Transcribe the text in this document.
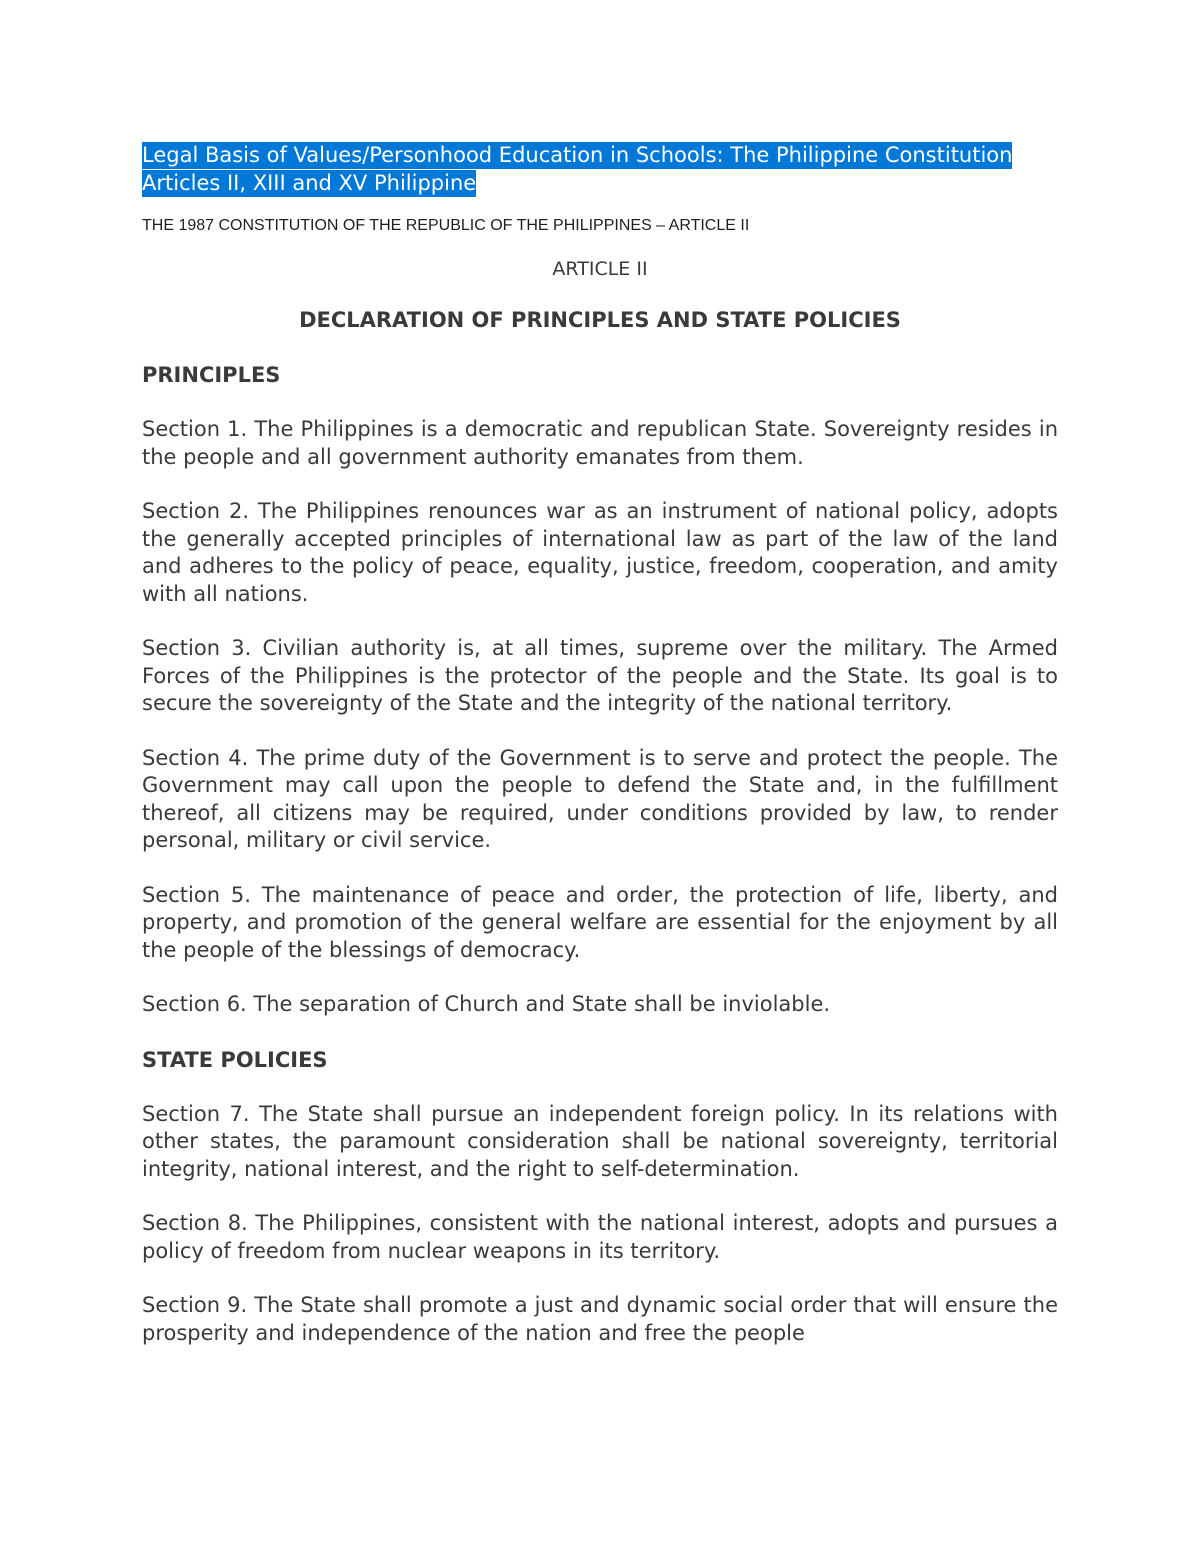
Legal Basis of Values/Personhood Education in Schools: The Philippine Constitution Articles II, XIII and XV Philippine

THE 1987 CONSTITUTION OF THE REPUBLIC OF THE PHILIPPINES – ARTICLE II

ARTICLE II

DECLARATION OF PRINCIPLES AND STATE POLICIES

PRINCIPLES

Section 1. The Philippines is a democratic and republican State. Sovereignty resides in the people and all government authority emanates from them.

Section 2. The Philippines renounces war as an instrument of national policy, adopts the generally accepted principles of international law as part of the law of the land and adheres to the policy of peace, equality, justice, freedom, cooperation, and amity with all nations.

Section 3. Civilian authority is, at all times, supreme over the military. The Armed Forces of the Philippines is the protector of the people and the State. Its goal is to secure the sovereignty of the State and the integrity of the national territory.

Section 4. The prime duty of the Government is to serve and protect the people. The Government may call upon the people to defend the State and, in the fulfillment thereof, all citizens may be required, under conditions provided by law, to render personal, military or civil service.

Section 5. The maintenance of peace and order, the protection of life, liberty, and property, and promotion of the general welfare are essential for the enjoyment by all the people of the blessings of democracy.

Section 6. The separation of Church and State shall be inviolable.

STATE POLICIES

Section 7. The State shall pursue an independent foreign policy. In its relations with other states, the paramount consideration shall be national sovereignty, territorial integrity, national interest, and the right to self-determination.

Section 8. The Philippines, consistent with the national interest, adopts and pursues a policy of freedom from nuclear weapons in its territory.

Section 9. The State shall promote a just and dynamic social order that will ensure the prosperity and independence of the nation and free the people
